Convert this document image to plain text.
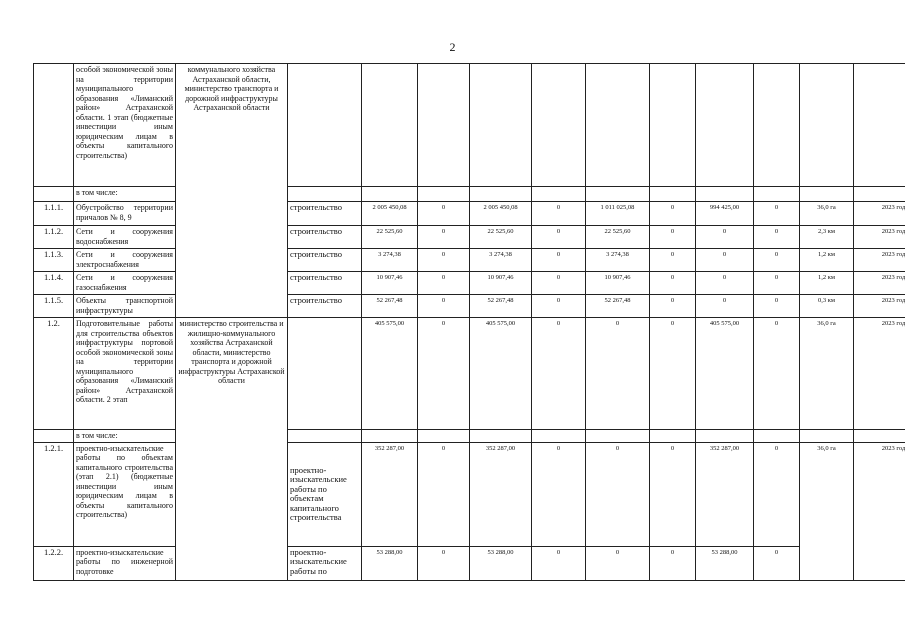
2
	особой экономической зоны на территории муниципального образования «Лиманский район» Астраханской области. 1 этап (бюджетные инвестиции иным юридическим лицам в объекты капитального строительства)	коммунального хозяйства Астраханской области, министерство транспорта и дорожной инфраструктуры Астраханской области											
	в том числе:												
1.1.1.	Обустройство территории причалов № 8, 9		строительство	2 005 450,08	0	2 005 450,08	0	1 011 025,08	0	994 425,00	0	36,0 га	2023 год
1.1.2.	Сети и сооружения водоснабжения		строительство	22 525,60	0	22 525,60	0	22 525,60	0	0	0	2,3 км	2023 год
1.1.3.	Сети и сооружения электроснабжения		строительство	3 274,38	0	3 274,38	0	3 274,38	0	0	0	1,2 км	2023 год
1.1.4.	Сети и сооружения газоснабжения		строительство	10 907,46	0	10 907,46	0	10 907,46	0	0	0	1,2 км	2023 год
1.1.5.	Объекты транспортной инфраструктуры		строительство	52 267,48	0	52 267,48	0	52 267,48	0	0	0	0,3 км	2023 год
1.2.	Подготовительные работы для строительства объектов инфраструктуры портовой особой экономической зоны на территории муниципального образования «Лиманский район» Астраханской области. 2 этап	министерство строительства и жилищно-коммунального хозяйства Астраханской области, министерство транспорта и дорожной инфраструктуры Астраханской области		405 575,00	0	405 575,00	0	0	0	405 575,00	0	36,0 га	2023 год
	в том числе:												
1.2.1.	проектно-изыскательские работы по объектам капитального строительства (этап 2.1) (бюджетные инвестиции иным юридическим лицам в объекты капитального строительства)		проектно-изыскательские работы по объектам капитального строительства	352 287,00	0	352 287,00	0	0	0	352 287,00	0	36,0 га	2023 год
1.2.2.	проектно-изыскательские работы по инженерной подготовке		проектно-изыскательские работы по	53 288,00	0	53 288,00	0	0	0	53 288,00	0		
